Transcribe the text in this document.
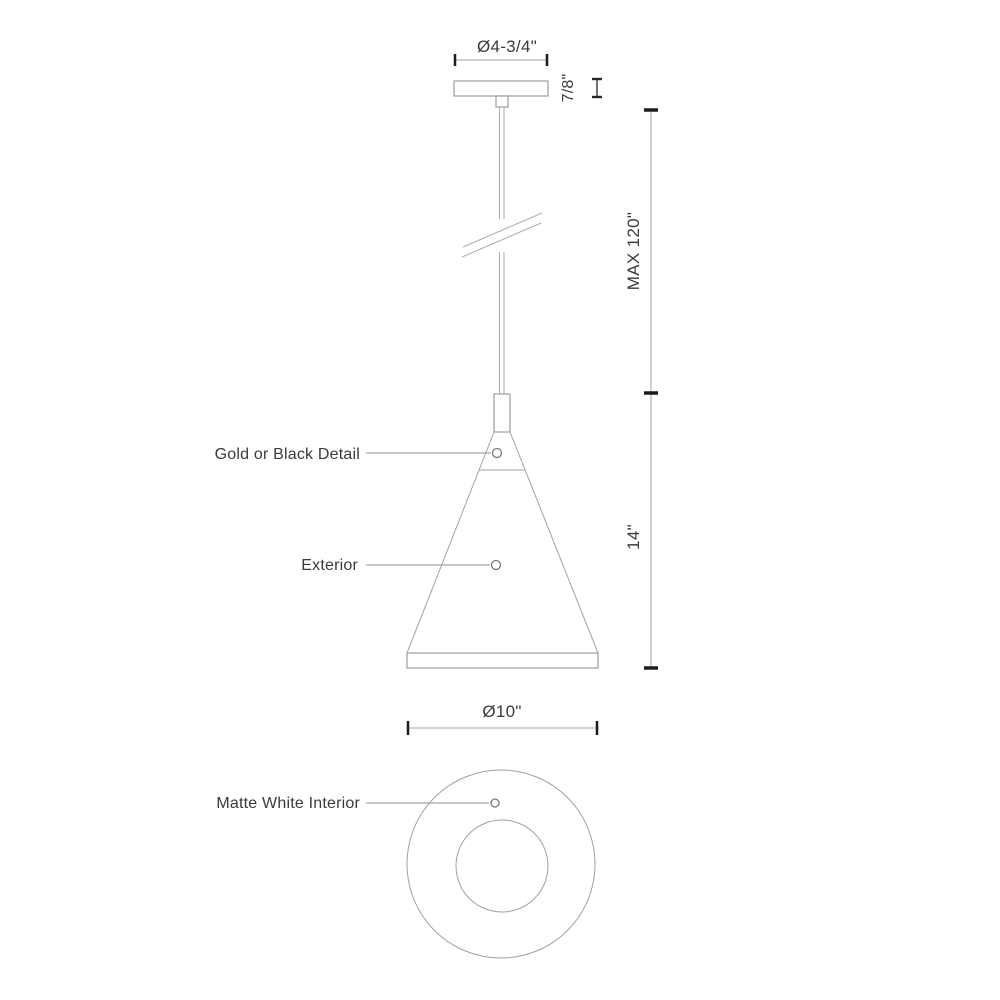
Ø4-3/4"
7/8"
MAX 120"
14"
Gold or Black Detail
Exterior
Ø10"
Matte White Interior
